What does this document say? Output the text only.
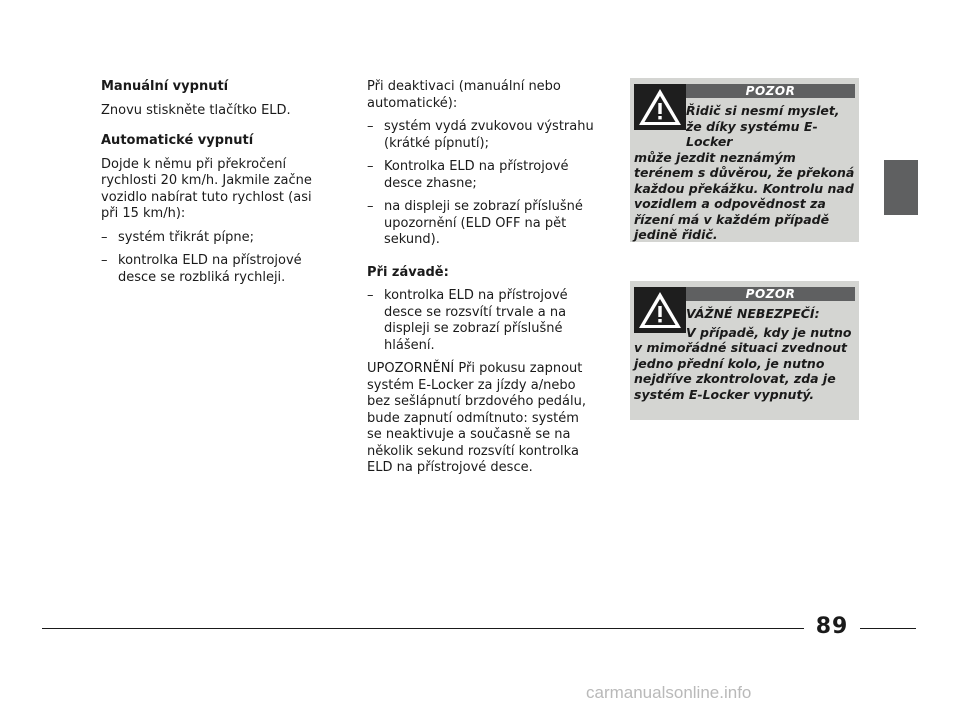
Manuální vypnutí

Znovu stiskněte tlačítko ELD.

Automatické vypnutí

Dojde k němu při překročení rychlosti 20 km/h. Jakmile začne vozidlo nabírat tuto rychlost (asi při 15 km/h):

– systém třikrát pípne;
– kontrolka ELD na přístrojové desce se rozbliká rychleji.

Při deaktivaci (manuální nebo automatické):

– systém vydá zvukovou výstrahu (krátké pípnutí);
– Kontrolka ELD na přístrojové desce zhasne;
– na displeji se zobrazí příslušné upozornění (ELD OFF na pět sekund).
Při závadě:
– kontrolka ELD na přístrojové desce se rozsvítí trvale a na displeji se zobrazí příslušné hlášení.

UPOZORNĚNÍ Při pokusu zapnout systém E-Locker za jízdy a/nebo bez sešlápnutí brzdového pedálu, bude zapnutí odmítnuto: systém se neaktivuje a současně se na několik sekund rozsvítí kontrolka ELD na přístrojové desce.

POZOR
Řidič si nesmí myslet, že díky systému E-Locker
může jezdit neznámým terénem s důvěrou, že překoná každou překážku. Kontrolu nad vozidlem a odpovědnost za řízení má v každém případě jedině řidič.
POZOR
VÁŽNÉ NEBEZPEČÍ:
V případě, kdy je nutno
v mimořádné situaci zvednout jedno přední kolo, je nutno nejdříve zkontrolovat, zda je systém E-Locker vypnutý.
89
carmanualsonline.info
